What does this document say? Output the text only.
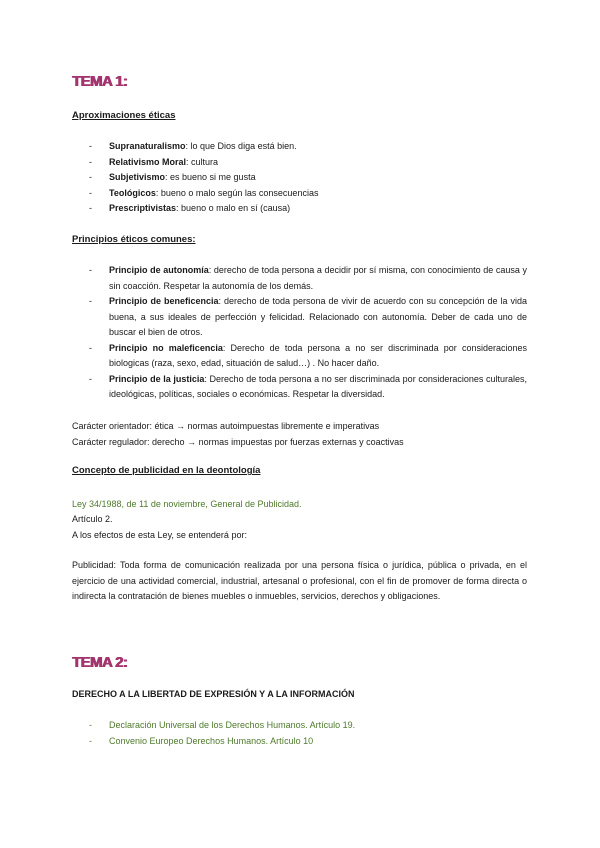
TEMA 1:
Aproximaciones éticas
- Supranaturalismo: lo que Dios diga está bien.
- Relativismo Moral: cultura
- Subjetivismo: es bueno si me gusta
- Teológicos: bueno o malo según las consecuencias
- Prescriptivistas: bueno o malo en sí (causa)
Principios éticos comunes:
- Principio de autonomía: derecho de toda persona a decidir por sí misma, con conocimiento de causa y sin coacción. Respetar la autonomía de los demás.
- Principio de beneficencia: derecho de toda persona de vivir de acuerdo con su concepción de la vida buena, a sus ideales de perfección y felicidad. Relacionado con autonomía. Deber de cada uno de buscar el bien de otros.
- Principio no maleficencia: Derecho de toda persona a no ser discriminada por consideraciones biologicas (raza, sexo, edad, situación de salud…) . No hacer daño.
- Principio de la justicia: Derecho de toda persona a no ser discriminada por consideraciones culturales, ideológicas, políticas, sociales o económicas. Respetar la diversidad.
Carácter orientador: ética → normas autoimpuestas libremente e imperativas
Carácter regulador: derecho → normas impuestas por fuerzas externas y coactivas
Concepto de publicidad en la deontología
Ley 34/1988, de 11 de noviembre, General de Publicidad.
Artículo 2.
A los efectos de esta Ley, se entenderá por:
Publicidad: Toda forma de comunicación realizada por una persona física o jurídica, pública o privada, en el ejercicio de una actividad comercial, industrial, artesanal o profesional, con el fin de promover de forma directa o indirecta la contratación de bienes muebles o inmuebles, servicios, derechos y obligaciones.
TEMA 2:
DERECHO A LA LIBERTAD DE EXPRESIÓN Y A LA INFORMACIÓN
- Declaración Universal de los Derechos Humanos. Artículo 19.
- Convenio Europeo Derechos Humanos. Artículo 10
